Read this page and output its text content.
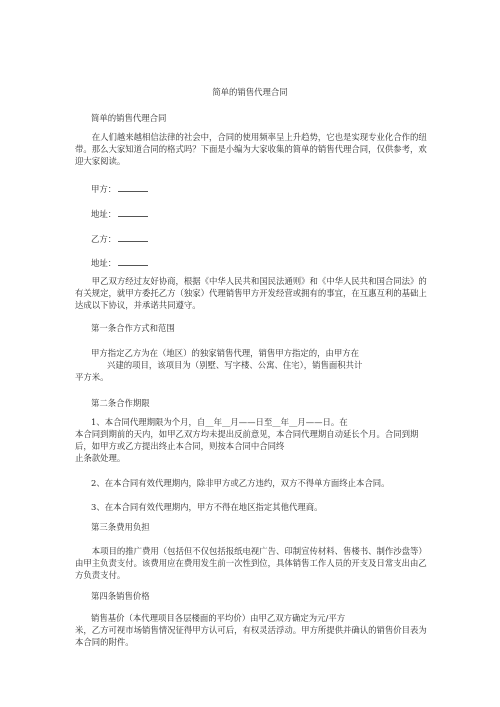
简单的销售代理合同

简单的销售代理合同

在人们越来越相信法律的社会中，合同的使用频率呈上升趋势，它也是实现专业化合作的纽带。那么大家知道合同的格式吗？下面是小编为大家收集的简单的销售代理合同，仅供参考，欢迎大家阅读。

甲方：

地址：

乙方：

地址：

甲乙双方经过友好协商，根据《中华人民共和国民法通则》和《中华人民共和国合同法》的有关规定，就甲方委托乙方（独家）代理销售甲方开发经营或拥有的事宜，在互惠互利的基础上达成以下协议，并承诺共同遵守。

第一条合作方式和范围

甲方指定乙方为在（地区）的独家销售代理，销售甲方指定的，由甲方在

兴建的项目，该项目为（别墅、写字楼、公寓、住宅），销售面积共计

平方米。

第二条合作期限

1、本合同代理期限为个月，自__年__月——日至__年__月——日。在

本合同到期前的天内，如甲乙双方均未提出反前意见，本合同代理期自动延长个月。合同到期后，如甲方或乙方提出终止本合同，则按本合同中合同终

止条款处理。

2、在本合同有效代理期内，除非甲方或乙方违约，双方不得单方面终止本合同。

3、在本合同有效代理期内，甲方不得在地区指定其他代理商。

第三条费用负担

本项目的推广费用（包括但不仅包括报纸电视广告、印制宣传材料、售楼书、制作沙盘等）由甲主负责支付。该费用应在费用发生前一次性到位，具体销售工作人员的开支及日常支出由乙方负责支付。

第四条销售价格

销售基价（本代理项目各层楼面的平均价）由甲乙双方确定为元/平方

米，乙方可视市场销售情况征得甲方认可后，有权灵活浮动。甲方所提供并确认的销售价目表为本合同的附件。
